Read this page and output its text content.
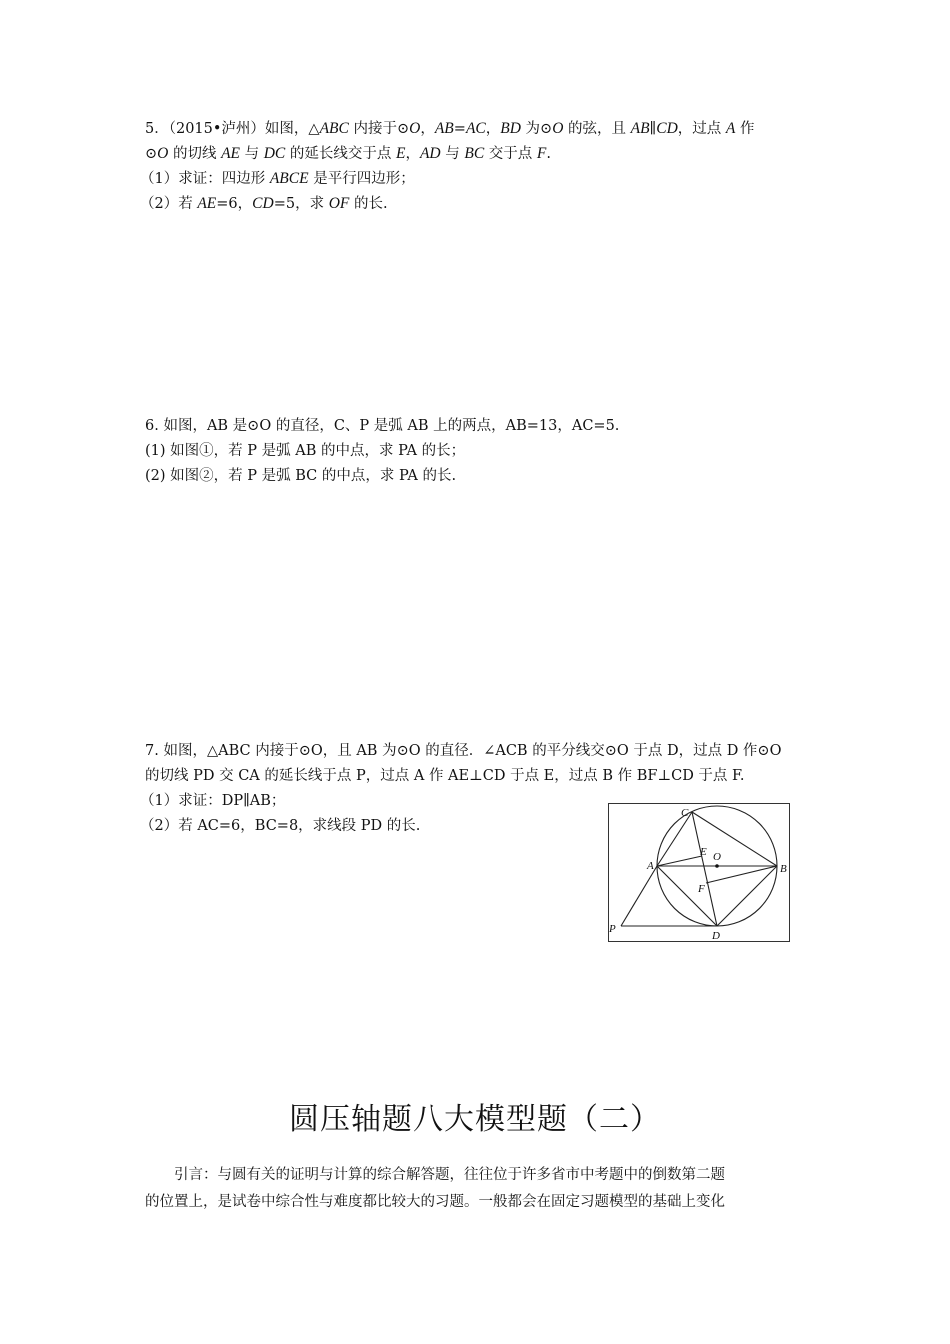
5．（2015•泸州）如图，△ABC 内接于⊙O，AB=AC，BD 为⊙O 的弦，且 AB∥CD，过点 A 作
⊙O 的切线 AE 与 DC 的延长线交于点 E，AD 与 BC 交于点 F.
（1）求证：四边形 ABCE 是平行四边形；
（2）若 AE=6，CD=5，求 OF 的长.
6. 如图，AB 是⊙O 的直径，C、P 是弧 AB 上的两点，AB=13，AC=5.
(1) 如图①，若 P 是弧 AB 的中点，求 PA 的长；
(2) 如图②，若 P 是弧 BC 的中点，求 PA 的长.
7. 如图，△ABC 内接于⊙O，且 AB 为⊙O 的直径．∠ACB 的平分线交⊙O 于点 D，过点 D 作⊙O
的切线 PD 交 CA 的延长线于点 P，过点 A 作 AE⊥CD 于点 E，过点 B 作 BF⊥CD 于点 F.
（1）求证：DP∥AB；
（2）若 AC=6，BC=8，求线段 PD 的长.
C
E O
A	B
F
P
D
圆压轴题八大模型题（二）
引言：与圆有关的证明与计算的综合解答题，往往位于许多省市中考题中的倒数第二题
的位置上，是试卷中综合性与难度都比较大的习题。一般都会在固定习题模型的基础上变化
